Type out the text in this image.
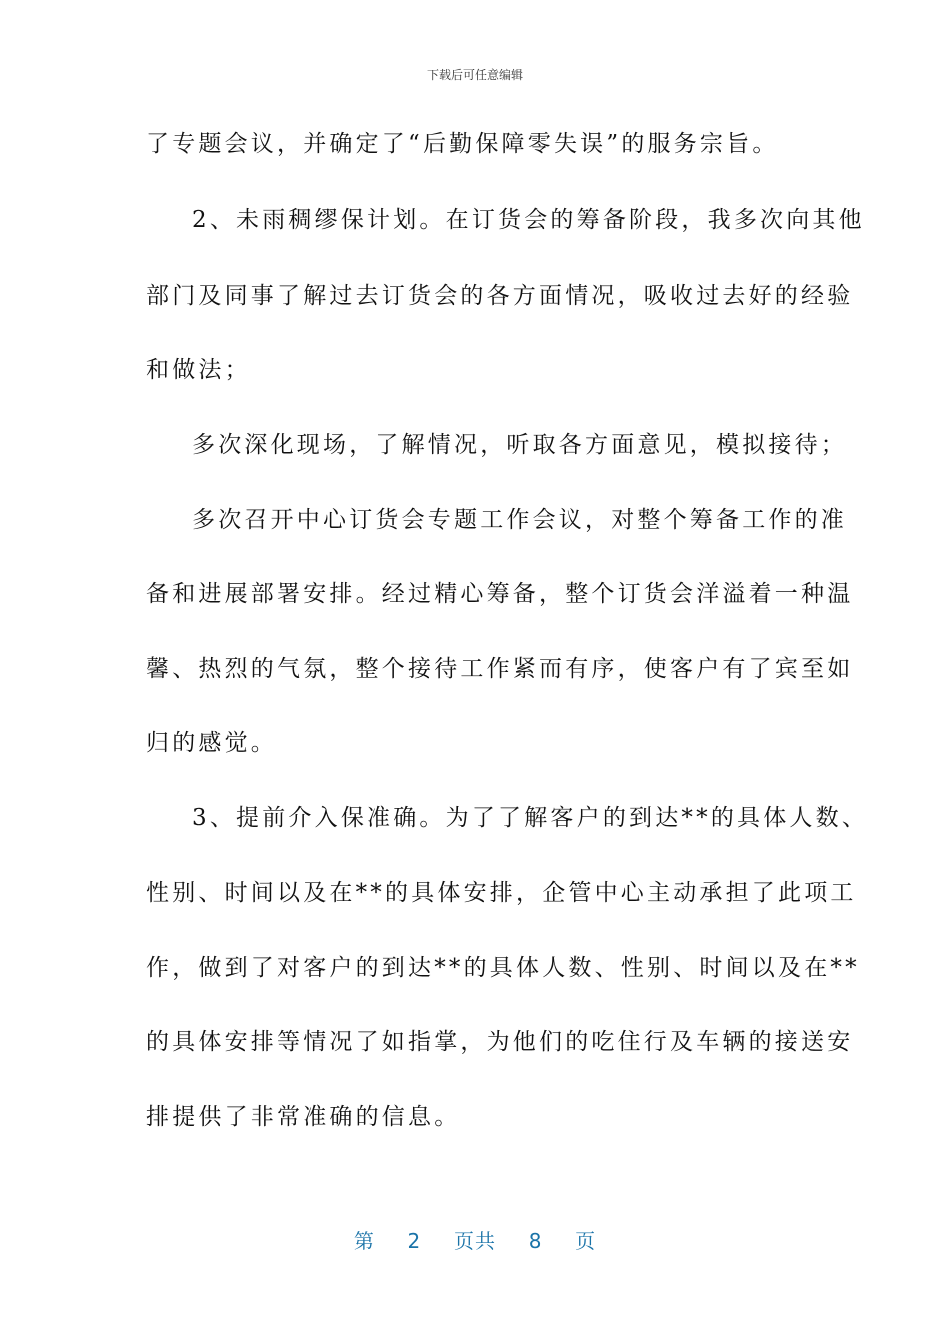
下载后可任意编辑
了专题会议，并确定了“后勤保障零失误”的服务宗旨。
2、未雨稠缪保计划。在订货会的筹备阶段，我多次向其他
部门及同事了解过去订货会的各方面情况，吸收过去好的经验
和做法；
多次深化现场，了解情况，听取各方面意见，模拟接待；
多次召开中心订货会专题工作会议，对整个筹备工作的准
备和进展部署安排。经过精心筹备，整个订货会洋溢着一种温
馨、热烈的气氛，整个接待工作紧而有序，使客户有了宾至如
归的感觉。
3、提前介入保准确。为了了解客户的到达**的具体人数、
性别、时间以及在**的具体安排，企管中心主动承担了此项工
作，做到了对客户的到达**的具体人数、性别、时间以及在**
的具体安排等情况了如指掌，为他们的吃住行及车辆的接送安
排提供了非常准确的信息。
第 2 页共 8 页
